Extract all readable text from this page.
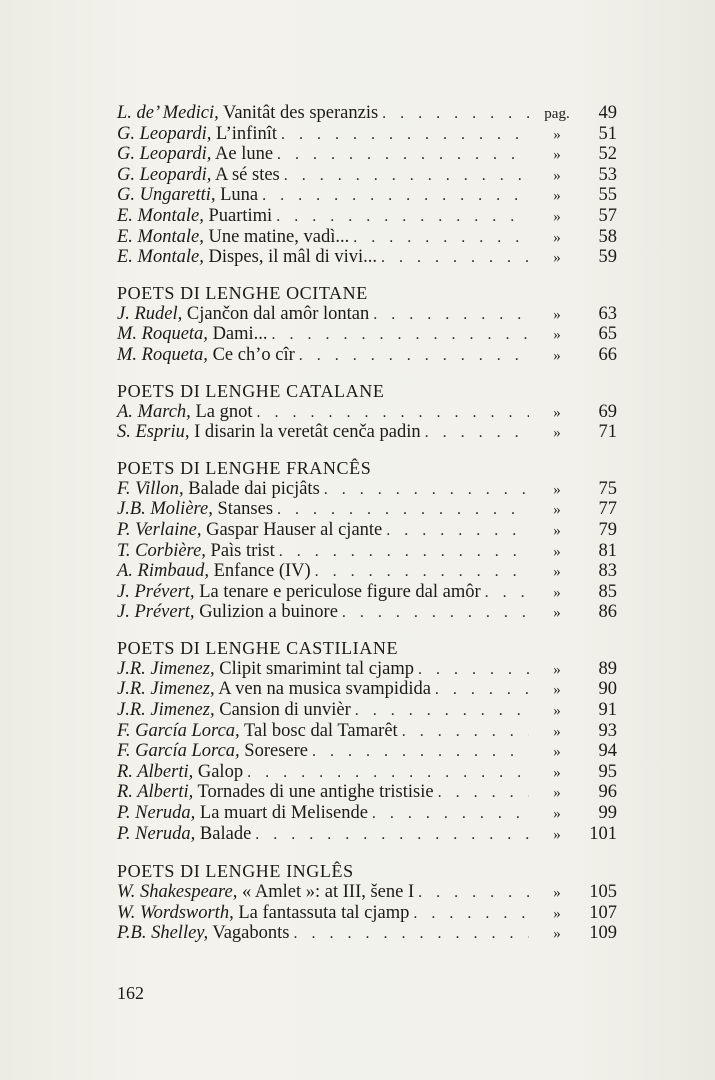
L. de’ Medici, Vanitât des speranzis . . .	pag.	49
G. Leopardi, L’infinît . . .	»	51
G. Leopardi, Ae lune . . .	»	52
G. Leopardi, A sé stes . . .	»	53
G. Ungaretti, Luna . . .	»	55
E. Montale, Puartimi . . .	»	57
E. Montale, Une matine, vadì... . . .	»	58
E. Montale, Dispes, il mâl di vivi... . . .	»	59
POETS DI LENGHE OCITANE
J. Rudel, Cjančon dal amôr lontan . . .	»	63
M. Roqueta, Dami... . . .	»	65
M. Roqueta, Ce ch’o cîr . . .	»	66
POETS DI LENGHE CATALANE
A. March, La gnot . . .	»	69
S. Espriu, I disarin la veretât cenča padin . . .	»	71
POETS DI LENGHE FRANCÊS
F. Villon, Balade dai picjâts . . .	»	75
J.B. Molière, Stanses . . .	»	77
P. Verlaine, Gaspar Hauser al cjante . . .	»	79
T. Corbière, Paìs trist . . .	»	81
A. Rimbaud, Enfance (IV) . . .	»	83
J. Prévert, La tenare e periculose figure dal amôr . . .	»	85
J. Prévert, Gulizion a buinore . . .	»	86
POETS DI LENGHE CASTILIANE
J.R. Jimenez, Clipit smarimint tal cjamp . . .	»	89
J.R. Jimenez, A ven na musica svampidida . . .	»	90
J.R. Jimenez, Cansion di unvièr . . .	»	91
F. García Lorca, Tal bosc dal Tamarêt . . .	»	93
F. García Lorca, Soresere . . .	»	94
R. Alberti, Galop . . .	»	95
R. Alberti, Tornades di une antighe tristisie . . .	»	96
P. Neruda, La muart di Melisende . . .	»	99
P. Neruda, Balade . . .	»	101
POETS DI LENGHE INGLÊS
W. Shakespeare, « Amlet »: at III, šene I . . .	»	105
W. Wordsworth, La fantassuta tal cjamp . . .	»	107
P.B. Shelley, Vagabonts . . .	»	109
162
